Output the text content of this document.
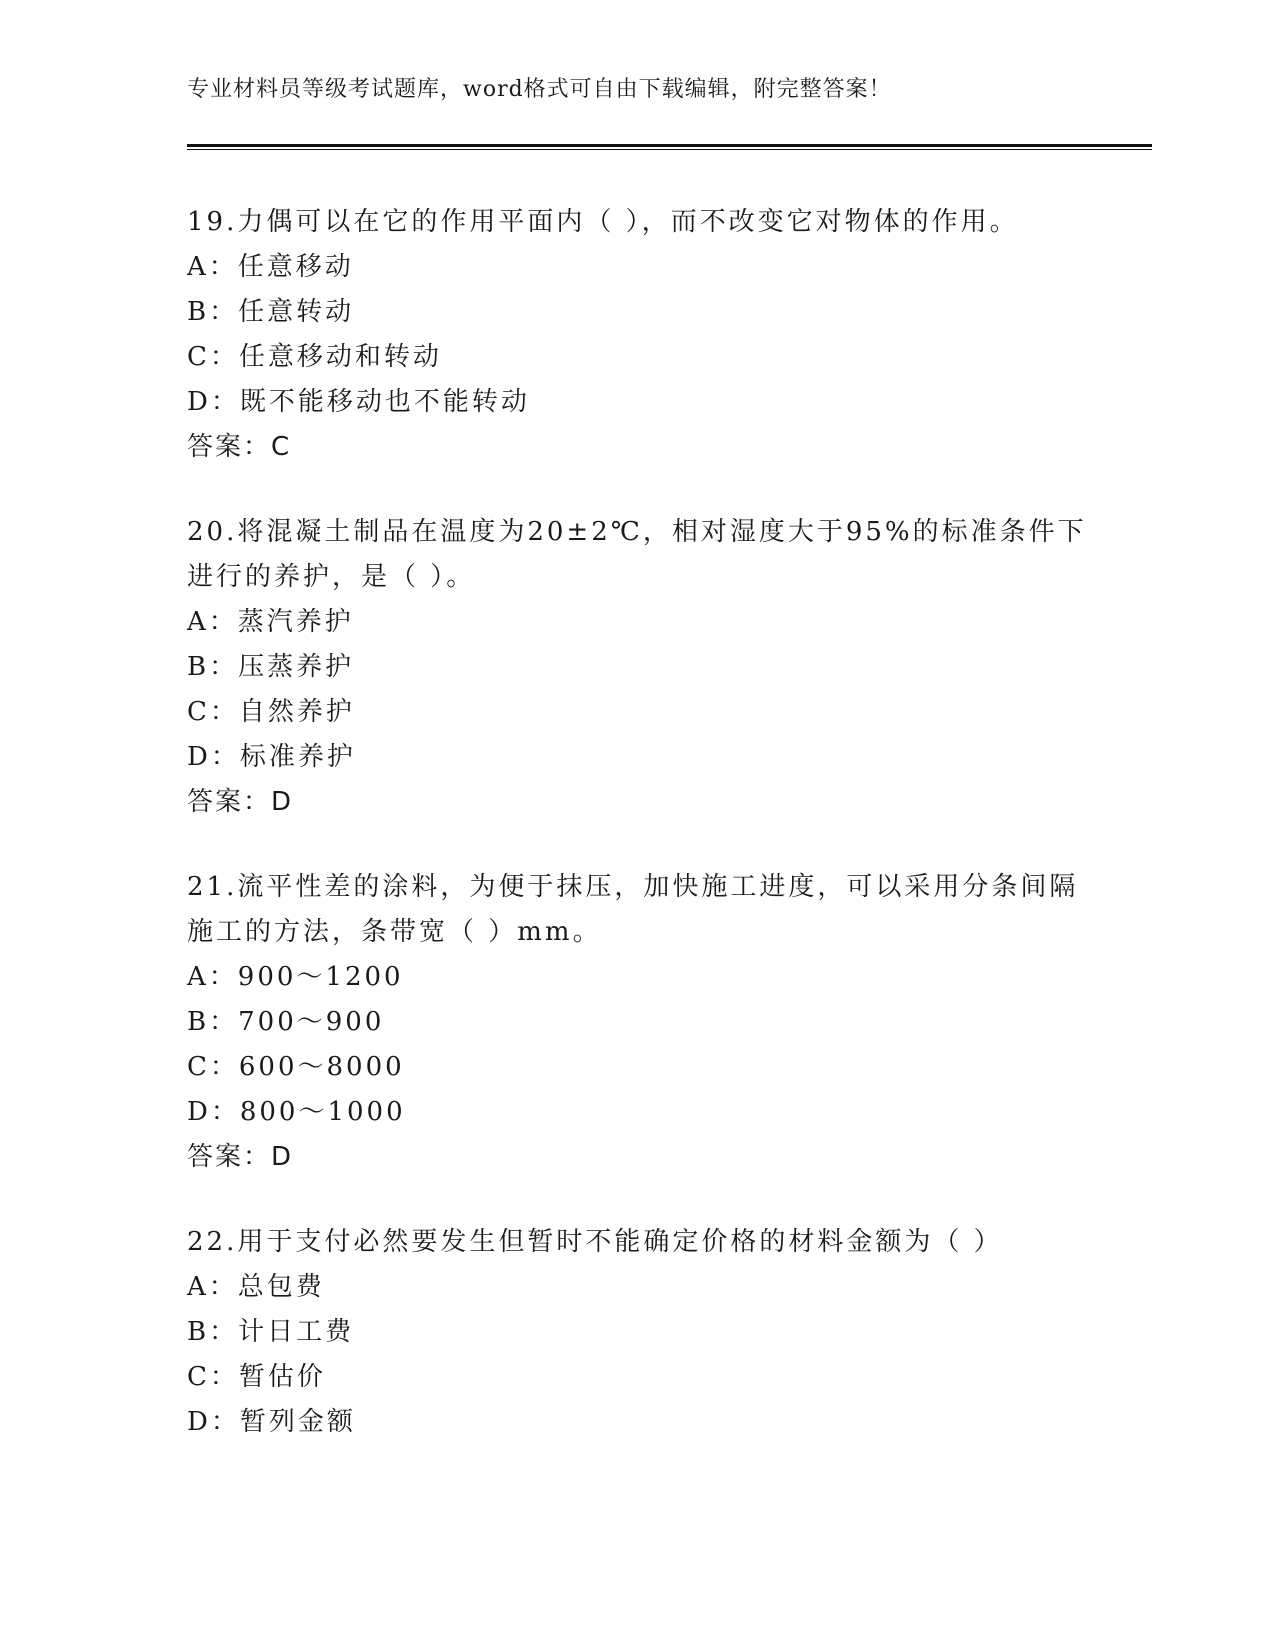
专业材料员等级考试题库，word格式可自由下载编辑，附完整答案！
19.力偶可以在它的作用平面内（ ），而不改变它对物体的作用。
A：任意移动
B：任意转动
C：任意移动和转动
D：既不能移动也不能转动
答案：C
20.将混凝土制品在温度为20±2℃，相对湿度大于95%的标准条件下进行的养护，是（ ）。
A：蒸汽养护
B：压蒸养护
C：自然养护
D：标准养护
答案：D
21.流平性差的涂料，为便于抹压，加快施工进度，可以采用分条间隔施工的方法，条带宽（ ）mm。
A：900～1200
B：700～900
C：600～8000
D：800～1000
答案：D
22.用于支付必然要发生但暂时不能确定价格的材料金额为（ ）
A：总包费
B：计日工费
C：暂估价
D：暂列金额
